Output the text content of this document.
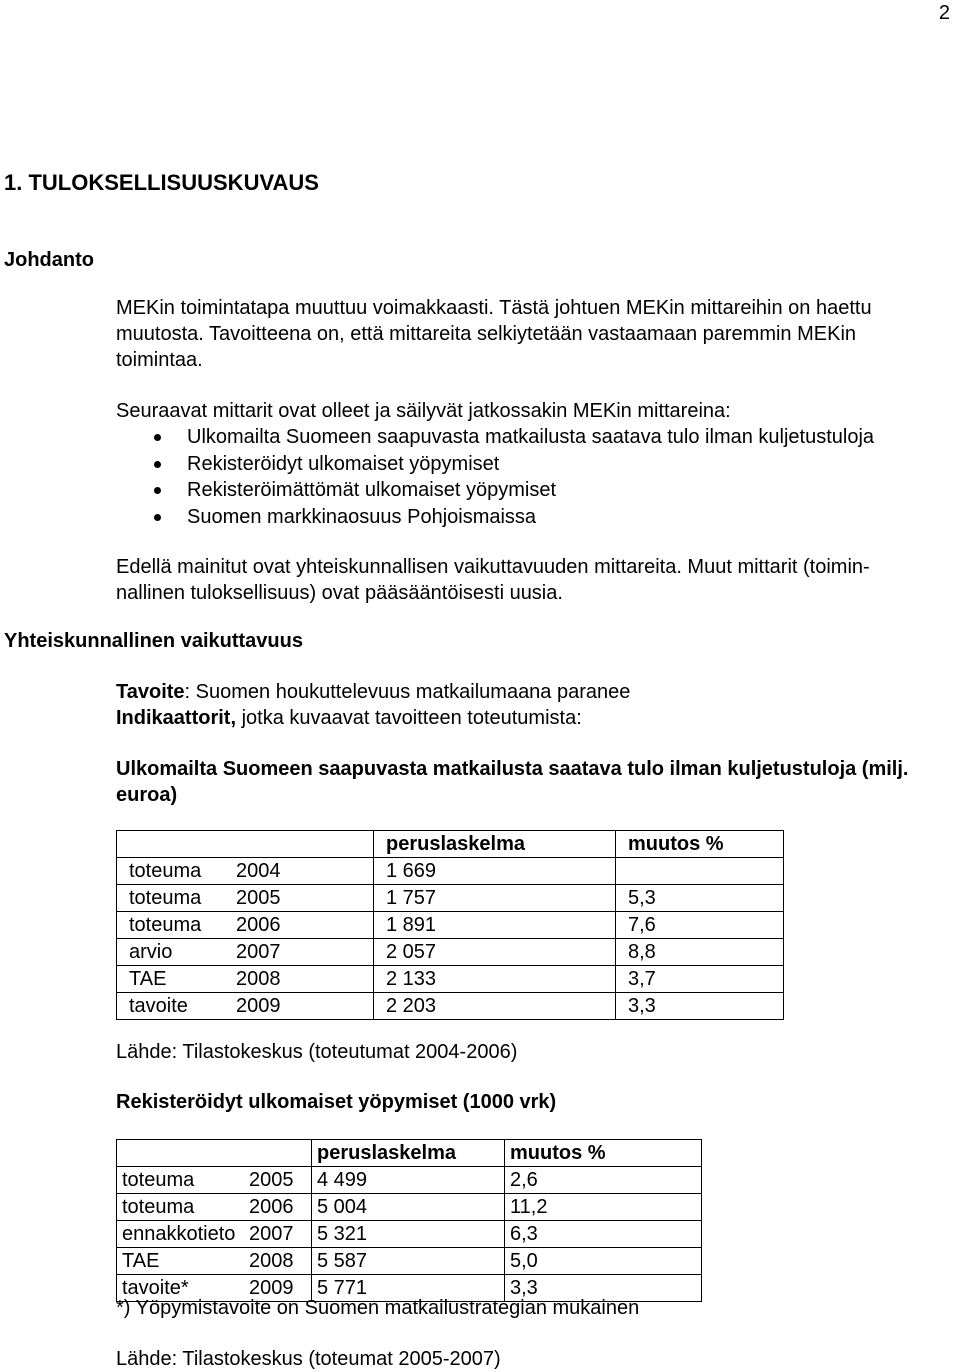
2
1. TULOKSELLISUUSKUVAUS
Johdanto
MEKin toimintatapa muuttuu voimakkaasti. Tästä johtuen MEKin mittareihin on haettu muutosta. Tavoitteena on, että mittareita selkiytetään vastaamaan paremmin MEKin toimintaa.
Seuraavat mittarit ovat olleet ja säilyvät jatkossakin MEKin mittareina:
Ulkomailta Suomeen saapuvasta matkailusta saatava tulo ilman kuljetustuloja
Rekisteröidyt ulkomaiset yöpymiset
Rekisteröimättömät ulkomaiset yöpymiset
Suomen markkinaosuus Pohjoismaissa
Edellä mainitut ovat yhteiskunnallisen vaikuttavuuden mittareita. Muut mittarit (toimin-
nallinen tuloksellisuus) ovat pääsääntöisesti uusia.
Yhteiskunnallinen vaikuttavuus
Tavoite: Suomen houkuttelevuus matkailumaana paranee
Indikaattorit, jotka kuvaavat tavoitteen toteutumista:
Ulkomailta Suomeen saapuvasta matkailusta saatava tulo ilman kuljetustuloja (milj. euroa)
		peruslaskelma	muutos %
toteuma	2004	1 669	
toteuma	2005	1 757	5,3
toteuma	2006	1 891	7,6
arvio	2007	2 057	8,8
TAE	2008	2 133	3,7
tavoite	2009	2 203	3,3
Lähde: Tilastokeskus (toteutumat 2004-2006)
Rekisteröidyt ulkomaiset yöpymiset (1000 vrk)
		peruslaskelma	muutos %
toteuma	2005	4 499	2,6
toteuma	2006	5 004	11,2
ennakkotieto	2007	5 321	6,3
TAE	2008	5 587	5,0
tavoite*	2009	5 771	3,3
*) Yöpymistavoite on Suomen matkailustrategian mukainen
Lähde: Tilastokeskus (toteumat 2005-2007)
